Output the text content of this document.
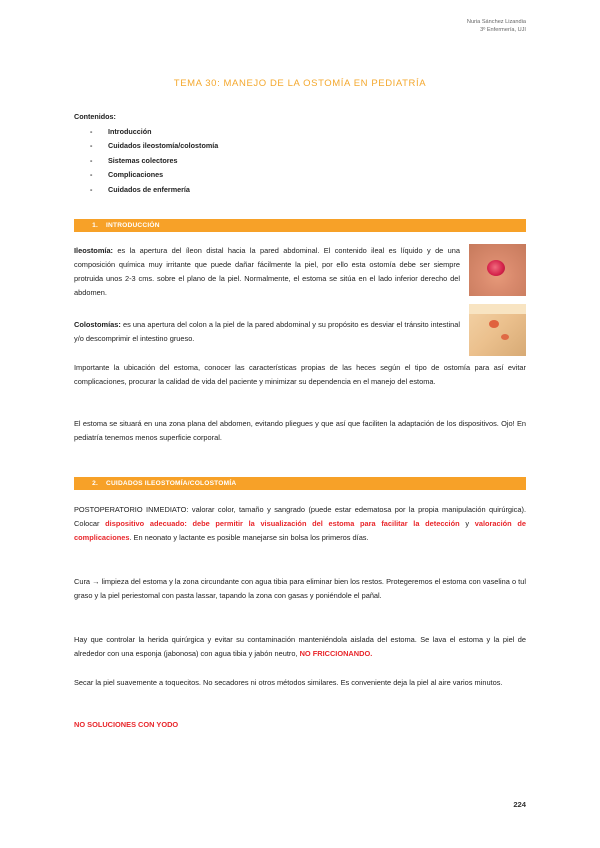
Nuria Sánchez Lizandia
3º Enfermería, UJI
TEMA 30: MANEJO DE LA OSTOMÍA EN PEDIATRÍA
Contenidos:
- Introducción
- Cuidados ileostomía/colostomía
- Sistemas colectores
- Complicaciones
- Cuidados de enfermería
1. INTRODUCCIÓN

Ileostomía: es la apertura del íleon distal hacia la pared abdominal. El contenido ileal es líquido y de una composición química muy irritante que puede dañar fácilmente la piel, por ello esta ostomía debe ser siempre protruida unos 2-3 cms. sobre el plano de la piel. Normalmente, el estoma se sitúa en el lado inferior derecho del abdomen.

Colostomías: es una apertura del colon a la piel de la pared abdominal y su propósito es desviar el tránsito intestinal y/o descomprimir el intestino grueso.

Importante la ubicación del estoma, conocer las características propias de las heces según el tipo de ostomía para así evitar complicaciones, procurar la calidad de vida del paciente y minimizar su dependencia en el manejo del estoma.

El estoma se situará en una zona plana del abdomen, evitando pliegues y que así que faciliten la adaptación de los dispositivos. Ojo! En pediatría tenemos menos superficie corporal.

2. CUIDADOS ILEOSTOMÍA/COLOSTOMÍA

POSTOPERATORIO INMEDIATO: valorar color, tamaño y sangrado (puede estar edematosa por la propia manipulación quirúrgica). Colocar dispositivo adecuado: debe permitir la visualización del estoma para facilitar la detección y valoración de complicaciones. En neonato y lactante es posible manejarse sin bolsa los primeros días.

Cura → limpieza del estoma y la zona circundante con agua tibia para eliminar bien los restos. Protegeremos el estoma con vaselina o tul graso y la piel periestomal con pasta lassar, tapando la zona con gasas y poniéndole el pañal.

Hay que controlar la herida quirúrgica y evitar su contaminación manteniéndola aislada del estoma. Se lava el estoma y la piel de alrededor con una esponja (jabonosa) con agua tibia y jabón neutro, NO FRICCIONANDO.

Secar la piel suavemente a toquecitos. No secadores ni otros métodos similares. Es conveniente deja la piel al aire varios minutos.

NO SOLUCIONES CON YODO

224
